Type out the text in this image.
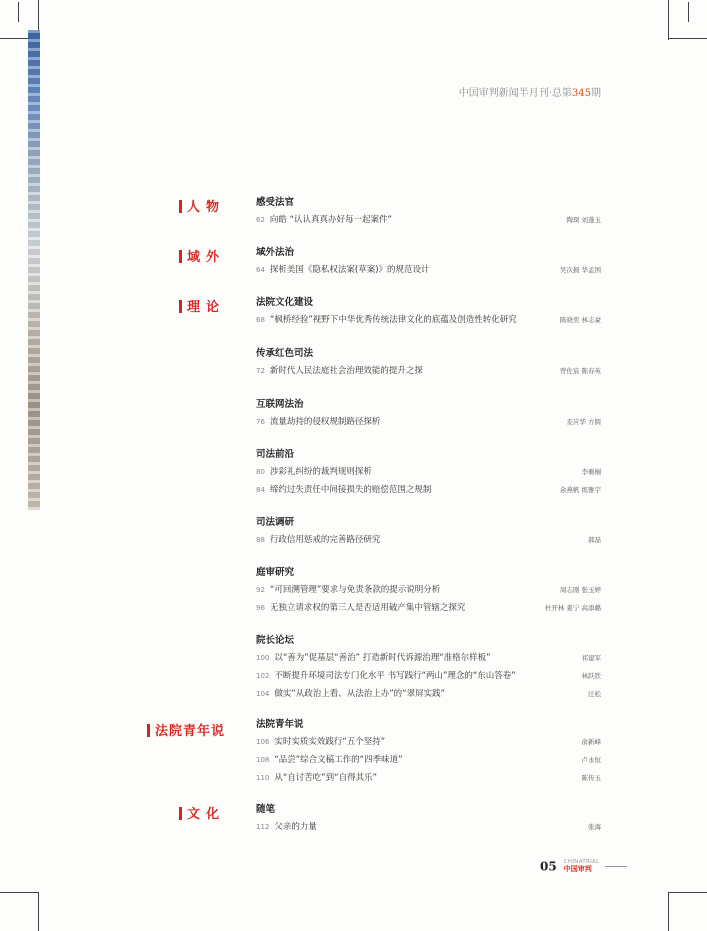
中国审判新闻半月刊·总第345期
人物
域外
理论
法院青年说
文化
感受法官
62 向皓 “认认真真办好每一起案件”	陶琛 刘蓬玉
域外法治
64 探析美国《隐私权法案(草案)》的规范设计	吴次损 华孟国
法院文化建设
68 “枫桥经验”视野下中华优秀传统法律文化的底蕴及创造性转化研究	陈晓奕 林志豪
传承红色司法
72 新时代人民法庭社会治理效能的提升之探	曾佐宸 陈春英
互联网法治
76 流量劫持的侵权规制路径探析	麦应华 方圆
司法前沿
80 涉彩礼纠纷的裁判规则探析	李剩桐
84 缔约过失责任中间接损失的赔偿范围之规制	余燕帆 练雅宇
司法调研
88 行政信用惩戒的完善路径研究	郝磊
庭审研究
92 “可回溯管理”要求与免责条款的提示说明分析	周志刚 张玉婷
96 无独立请求权的第三人是否适用破产集中管辖之探究	杜开林 姜宁 高添璐
院长论坛
100 以“善为”促基层“善治” 打造新时代诉源治理“准格尔样板”	祁建军
102 不断提升环境司法专门化水平 书写践行“两山”理念的“东山答卷”	林跃铁
104 做实“从政治上看、从法治上办”的“翠屏实践”	汪松
法院青年说
106 实时实质实效践行“五个坚持”	俞新峰
108 “品尝”综合文稿工作的“四季味道”	卢永恒
110 从“自讨苦吃”到“自得其乐”	陈传玉
随笔
112 父亲的力量	张海
05 CHINATRIAL
中国审判
